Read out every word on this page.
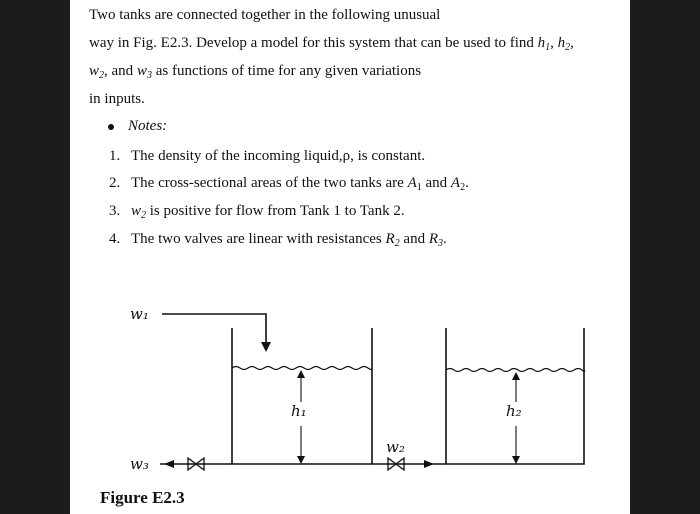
Two tanks are connected together in the following unusual
way in Fig. E2.3. Develop a model for this system that can be used to find $h_1$, $h_2$,
$w_2$, and $w_3$ as functions of time for any given variations
in inputs.
Notes:
1. The density of the incoming liquid,ρ, is constant.
2. The cross-sectional areas of the two tanks are $A_1$ and $A_2$.
3. $w_2$ is positive for flow from Tank 1 to Tank 2.
4. The two valves are linear with resistances $R_2$ and $R_3$.
w₁
h₁	h₂
w₂
w₃
Figure E2.3
